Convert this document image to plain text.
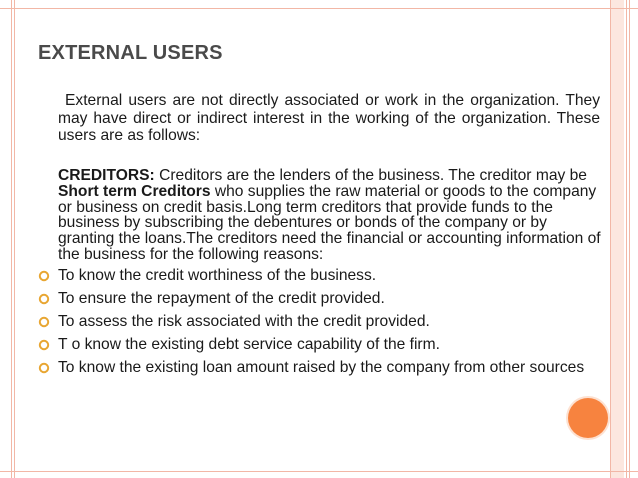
EXTERNAL USERS

External users are not directly associated or work in the organization. They may have direct or indirect interest in the working of the organization. These users are as follows:

CREDITORS: Creditors are the lenders of the business. The creditor may be Short term Creditors who supplies the raw material or goods to the company or business on credit basis.Long term creditors that provide funds to the business by subscribing the debentures or bonds of the company or by granting the loans.The creditors need the financial or accounting information of the business for the following reasons:

To know the credit worthiness of the business.
To ensure the repayment of the credit provided.
To assess the risk associated with the credit provided.
T o know the existing debt service capability of the firm.
To know the existing loan amount raised by the company from other sources
